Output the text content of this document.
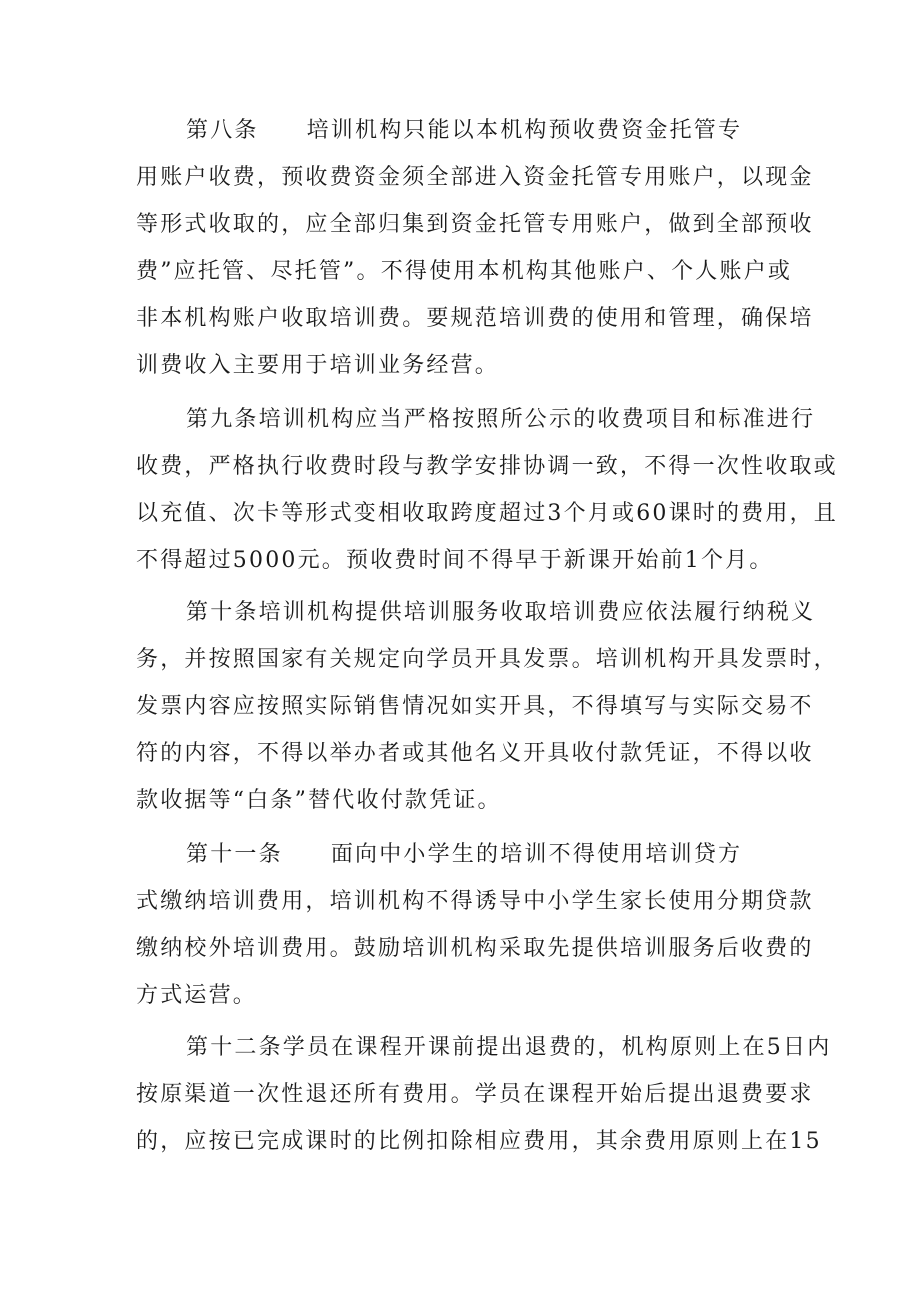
第八条 培训机构只能以本机构预收费资金托管专
用账户收费，预收费资金须全部进入资金托管专用账户，以现金
等形式收取的，应全部归集到资金托管专用账户，做到全部预收
费”应托管、尽托管”。不得使用本机构其他账户、个人账户或
非本机构账户收取培训费。要规范培训费的使用和管理，确保培
训费收入主要用于培训业务经营。
第九条培训机构应当严格按照所公示的收费项目和标准进行
收费，严格执行收费时段与教学安排协调一致，不得一次性收取或
以充值、次卡等形式变相收取跨度超过3个月或60课时的费用，且
不得超过5000元。预收费时间不得早于新课开始前1个月。
第十条培训机构提供培训服务收取培训费应依法履行纳税义
务，并按照国家有关规定向学员开具发票。培训机构开具发票时，
发票内容应按照实际销售情况如实开具，不得填写与实际交易不
符的内容，不得以举办者或其他名义开具收付款凭证，不得以收
款收据等“白条”替代收付款凭证。
第十一条 面向中小学生的培训不得使用培训贷方
式缴纳培训费用，培训机构不得诱导中小学生家长使用分期贷款
缴纳校外培训费用。鼓励培训机构采取先提供培训服务后收费的
方式运营。
第十二条学员在课程开课前提出退费的，机构原则上在5日内
按原渠道一次性退还所有费用。学员在课程开始后提出退费要求
的，应按已完成课时的比例扣除相应费用，其余费用原则上在15
